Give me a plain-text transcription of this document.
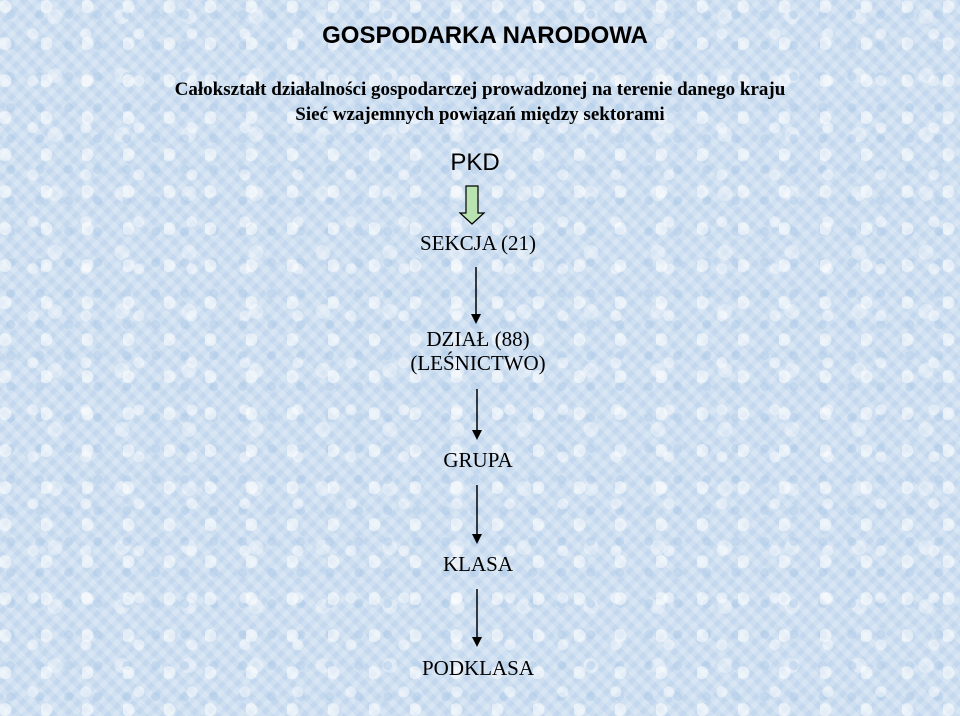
GOSPODARKA NARODOWA
Całokształt działalności gospodarczej prowadzonej na terenie danego kraju
Sieć wzajemnych powiązań między sektorami
PKD
SEKCJA (21)
DZIAŁ (88)
(LEŚNICTWO)
GRUPA
KLASA
PODKLASA
